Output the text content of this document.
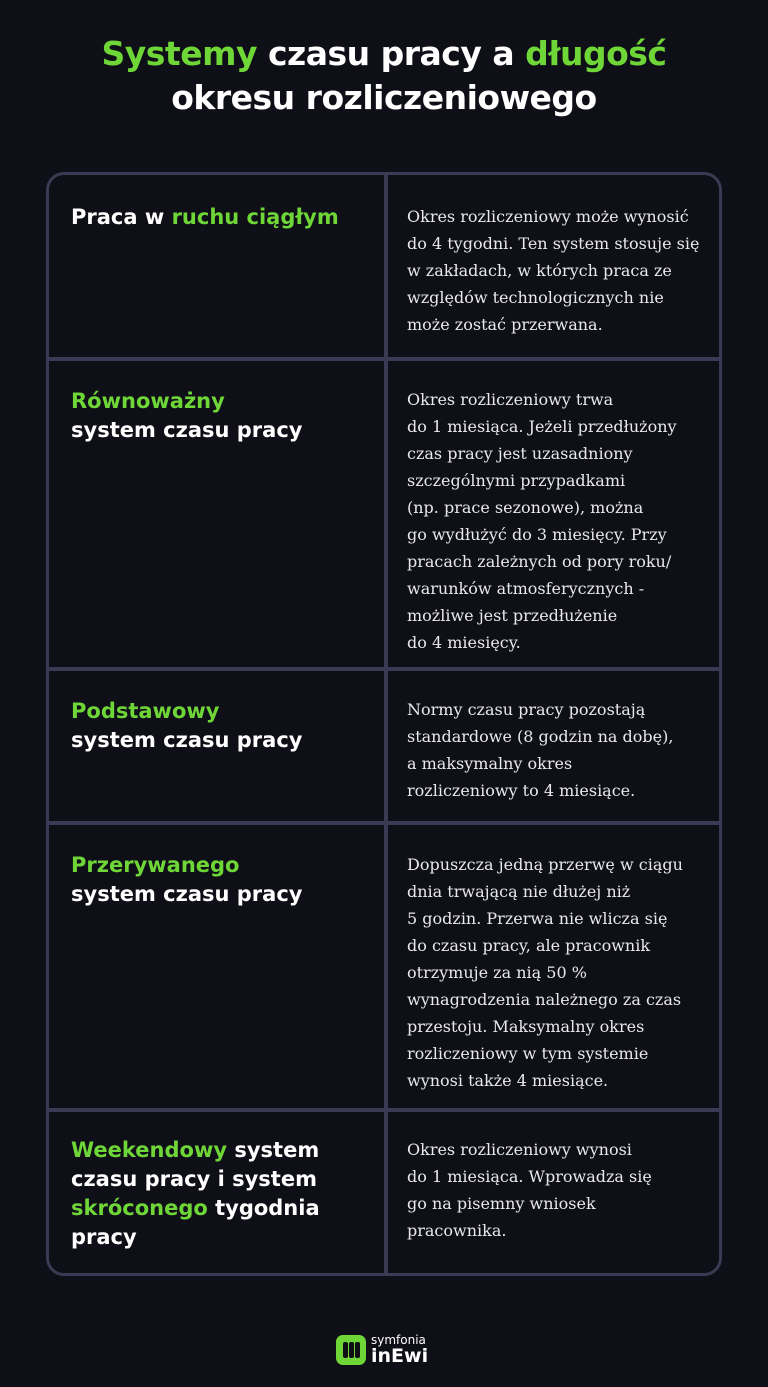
Systemy czasu pracy a długość
okresu rozliczeniowego
Praca w ruchu ciągłym	Okres rozliczeniowy może wynosić
do 4 tygodni. Ten system stosuje się
w zakładach, w których praca ze
względów technologicznych nie
może zostać przerwana.
Równoważny
system czasu pracy
Okres rozliczeniowy trwa
do 1 miesiąca. Jeżeli przedłużony
czas pracy jest uzasadniony
szczególnymi przypadkami
(np. prace sezonowe), można
go wydłużyć do 3 miesięcy. Przy
pracach zależnych od pory roku/
warunków atmosferycznych -
możliwe jest przedłużenie
do 4 miesięcy.
Podstawowy
system czasu pracy
Normy czasu pracy pozostają
standardowe (8 godzin na dobę),
a maksymalny okres
rozliczeniowy to 4 miesiące.
Przerywanego
system czasu pracy
Dopuszcza jedną przerwę w ciągu
dnia trwającą nie dłużej niż
5 godzin. Przerwa nie wlicza się
do czasu pracy, ale pracownik
otrzymuje za nią 50 %
wynagrodzenia należnego za czas
przestoju. Maksymalny okres
rozliczeniowy w tym systemie
wynosi także 4 miesiące.
Weekendowy system czasu pracy i system skróconego tygodnia pracy
Okres rozliczeniowy wynosi
do 1 miesiąca. Wprowadza się
go na pisemny wniosek
pracownika.
symfonia
inEwi
